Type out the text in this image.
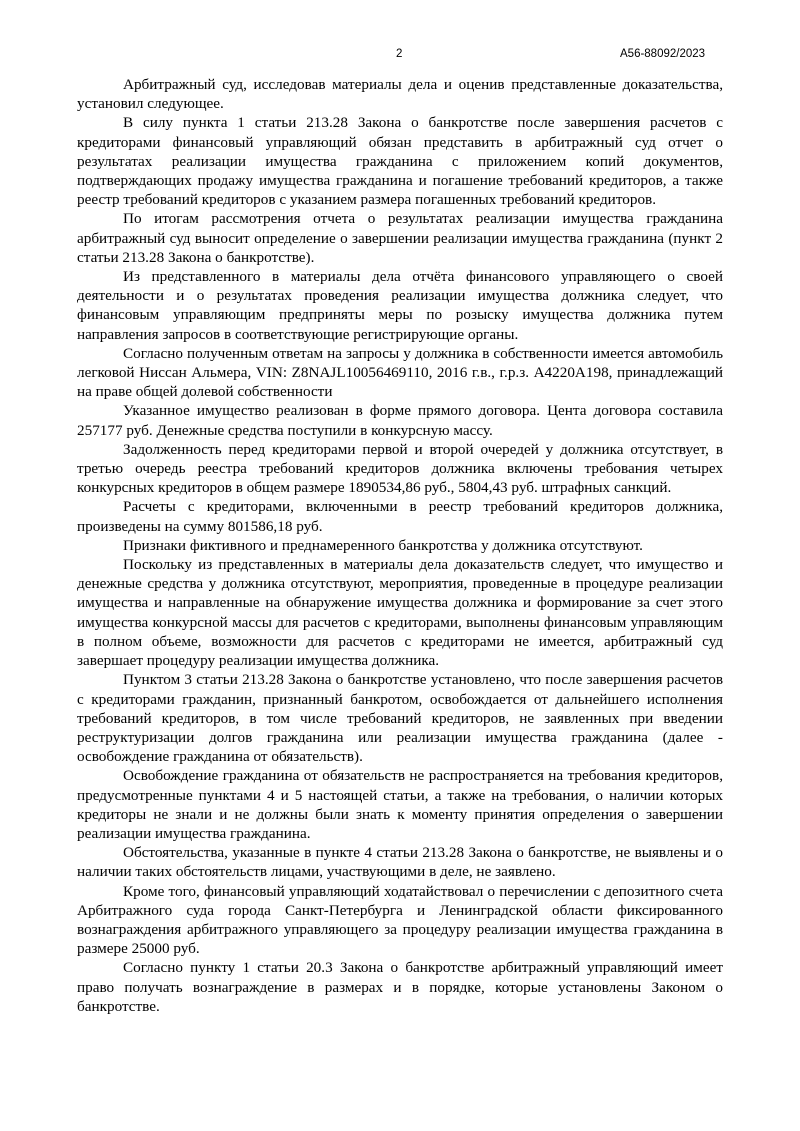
2	А56-88092/2023

Арбитражный суд, исследовав материалы дела и оценив представленные доказательства, установил следующее.

В силу пункта 1 статьи 213.28 Закона о банкротстве после завершения расчетов с кредиторами финансовый управляющий обязан представить в арбитражный суд отчет о результатах реализации имущества гражданина с приложением копий документов, подтверждающих продажу имущества гражданина и погашение требований кредиторов, а также реестр требований кредиторов с указанием размера погашенных требований кредиторов.

По итогам рассмотрения отчета о результатах реализации имущества гражданина арбитражный суд выносит определение о завершении реализации имущества гражданина (пункт 2 статьи 213.28 Закона о банкротстве).

Из представленного в материалы дела отчёта финансового управляющего о своей деятельности и о результатах проведения реализации имущества должника следует, что финансовым управляющим предприняты меры по розыску имущества должника путем направления запросов в соответствующие регистрирующие органы.

Согласно полученным ответам на запросы у должника в собственности имеется автомобиль легковой Ниссан Альмера, VIN: Z8NAJL10056469110, 2016 г.в., г.р.з. А4220А198, принадлежащий на праве общей долевой собственности

Указанное имущество реализован в форме прямого договора. Цента договора составила 257177 руб. Денежные средства поступили в конкурсную массу.

Задолженность перед кредиторами первой и второй очередей у должника отсутствует, в третью очередь реестра требований кредиторов должника включены требования четырех конкурсных кредиторов в общем размере 1890534,86 руб., 5804,43 руб. штрафных санкций.

Расчеты с кредиторами, включенными в реестр требований кредиторов должника, произведены на сумму 801586,18 руб.

Признаки фиктивного и преднамеренного банкротства у должника отсутствуют.

Поскольку из представленных в материалы дела доказательств следует, что имущество и денежные средства у должника отсутствуют, мероприятия, проведенные в процедуре реализации имущества и направленные на обнаружение имущества должника и формирование за счет этого имущества конкурсной массы для расчетов с кредиторами, выполнены финансовым управляющим в полном объеме, возможности для расчетов с кредиторами не имеется, арбитражный суд завершает процедуру реализации имущества должника.

Пунктом 3 статьи 213.28 Закона о банкротстве установлено, что после завершения расчетов с кредиторами гражданин, признанный банкротом, освобождается от дальнейшего исполнения требований кредиторов, в том числе требований кредиторов, не заявленных при введении реструктуризации долгов гражданина или реализации имущества гражданина (далее - освобождение гражданина от обязательств).

Освобождение гражданина от обязательств не распространяется на требования кредиторов, предусмотренные пунктами 4 и 5 настоящей статьи, а также на требования, о наличии которых кредиторы не знали и не должны были знать к моменту принятия определения о завершении реализации имущества гражданина.

Обстоятельства, указанные в пункте 4 статьи 213.28 Закона о банкротстве, не выявлены и о наличии таких обстоятельств лицами, участвующими в деле, не заявлено.

Кроме того, финансовый управляющий ходатайствовал о перечислении с депозитного счета Арбитражного суда города Санкт-Петербурга и Ленинградской области фиксированного вознаграждения арбитражного управляющего за процедуру реализации имущества гражданина в размере 25000 руб.

Согласно пункту 1 статьи 20.3 Закона о банкротстве арбитражный управляющий имеет право получать вознаграждение в размерах и в порядке, которые установлены Законом о банкротстве.
